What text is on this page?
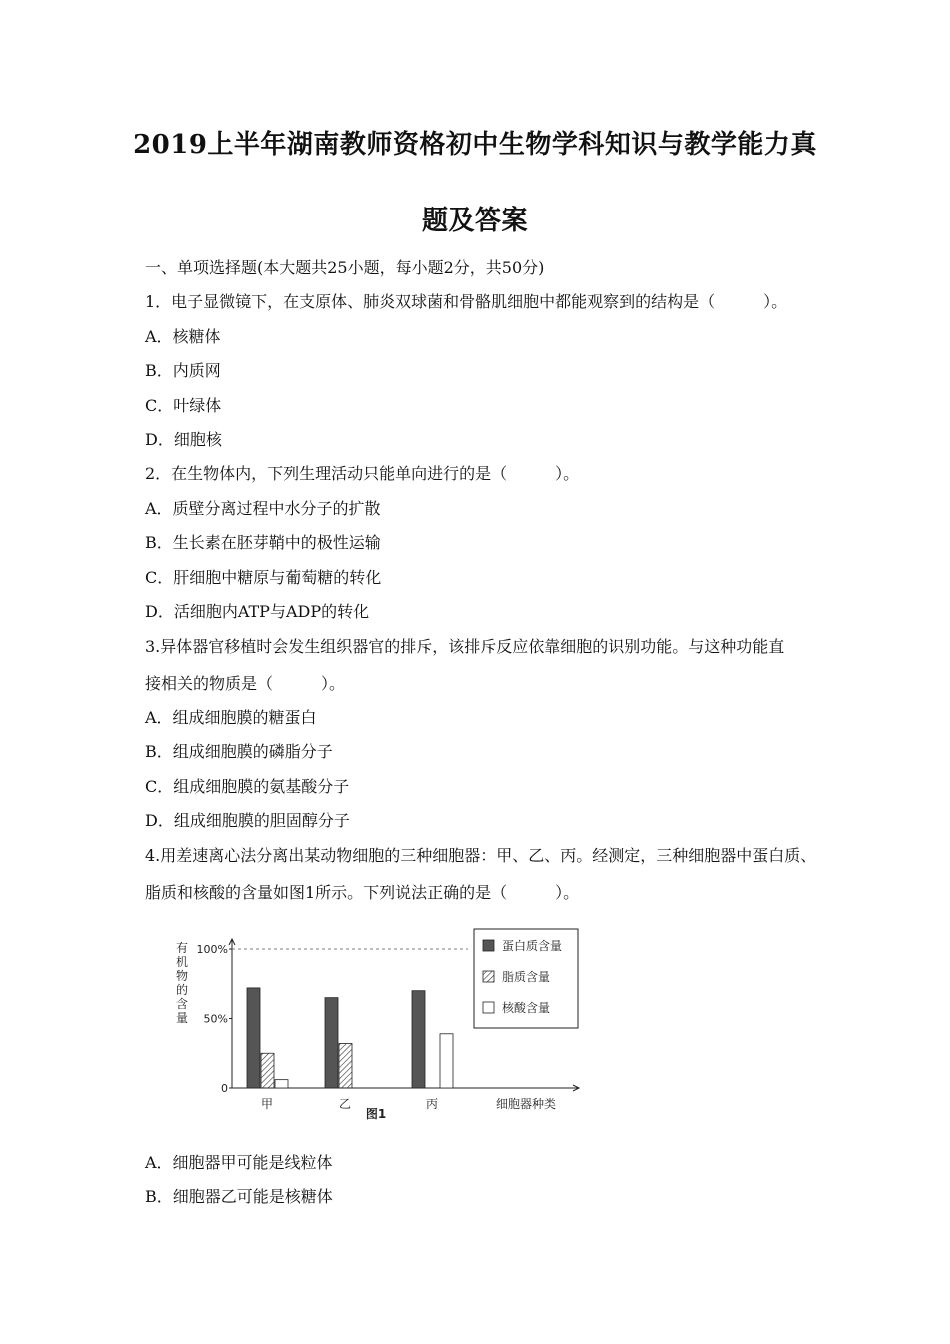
2019上半年湖南教师资格初中生物学科知识与教学能力真
题及答案
一、单项选择题(本大题共25小题，每小题2分，共50分)
1．电子显微镜下，在支原体、肺炎双球菌和骨骼肌细胞中都能观察到的结构是（　　　）。
A．核糖体
B．内质网
C．叶绿体
D．细胞核
2．在生物体内，下列生理活动只能单向进行的是（　　　）。
A．质壁分离过程中水分子的扩散
B．生长素在胚芽鞘中的极性运输
C．肝细胞中糖原与葡萄糖的转化
D．活细胞内ATP与ADP的转化
3.异体器官移植时会发生组织器官的排斥，该排斥反应依靠细胞的识别功能。与这种功能直
接相关的物质是（　　　）。
A．组成细胞膜的糖蛋白
B．组成细胞膜的磷脂分子
C．组成细胞膜的氨基酸分子
D．组成细胞膜的胆固醇分子
4.用差速离心法分离出某动物细胞的三种细胞器：甲、乙、丙。经测定，三种细胞器中蛋白质、
脂质和核酸的含量如图1所示。下列说法正确的是（　　　）。
0
50%
100%
有
机
物
的
含
量
细胞器种类
图1
甲	乙	丙
蛋白质含量
脂质含量
核酸含量
A．细胞器甲可能是线粒体
B．细胞器乙可能是核糖体
